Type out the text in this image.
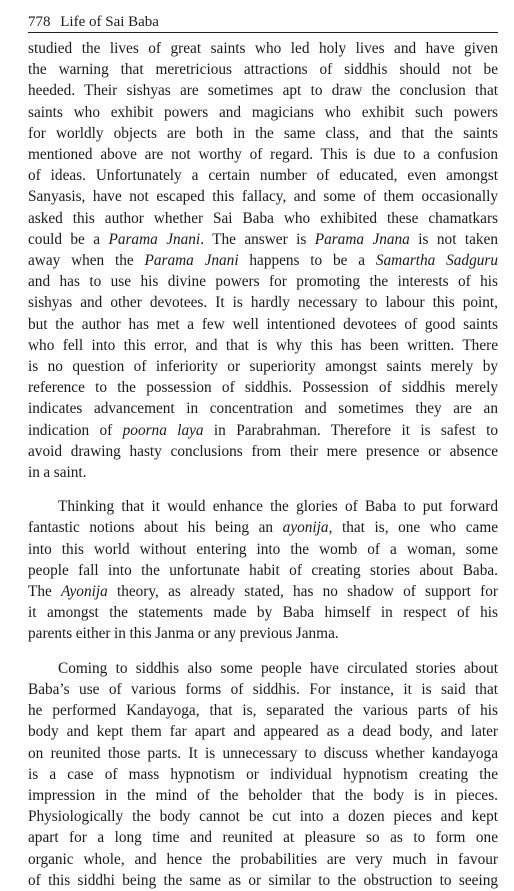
778 Life of Sai Baba
studied the lives of great saints who led holy lives and have given
the warning that meretricious attractions of siddhis should not be
heeded. Their sishyas are sometimes apt to draw the conclusion that
saints who exhibit powers and magicians who exhibit such powers
for worldly objects are both in the same class, and that the saints
mentioned above are not worthy of regard. This is due to a confusion
of ideas. Unfortunately a certain number of educated, even amongst
Sanyasis, have not escaped this fallacy, and some of them occasionally
asked this author whether Sai Baba who exhibited these chamatkars
could be a Parama Jnani. The answer is Parama Jnana is not taken
away when the Parama Jnani happens to be a Samartha Sadguru
and has to use his divine powers for promoting the interests of his
sishyas and other devotees. It is hardly necessary to labour this point,
but the author has met a few well intentioned devotees of good saints
who fell into this error, and that is why this has been written. There
is no question of inferiority or superiority amongst saints merely by
reference to the possession of siddhis. Possession of siddhis merely
indicates advancement in concentration and sometimes they are an
indication of poorna laya in Parabrahman. Therefore it is safest to
avoid drawing hasty conclusions from their mere presence or absence
in a saint.
Thinking that it would enhance the glories of Baba to put forward
fantastic notions about his being an ayonija, that is, one who came
into this world without entering into the womb of a woman, some
people fall into the unfortunate habit of creating stories about Baba.
The Ayonija theory, as already stated, has no shadow of support for
it amongst the statements made by Baba himself in respect of his
parents either in this Janma or any previous Janma.
Coming to siddhis also some people have circulated stories about
Baba’s use of various forms of siddhis. For instance, it is said that
he performed Kandayoga, that is, separated the various parts of his
body and kept them far apart and appeared as a dead body, and later
on reunited those parts. It is unnecessary to discuss whether kandayoga
is a case of mass hypnotism or individual hypnotism creating the
impression in the mind of the beholder that the body is in pieces.
Physiologically the body cannot be cut into a dozen pieces and kept
apart for a long time and reunited at pleasure so as to form one
organic whole, and hence the probabilities are very much in favour
of this siddhi being the same as or similar to the obstruction to seeing
